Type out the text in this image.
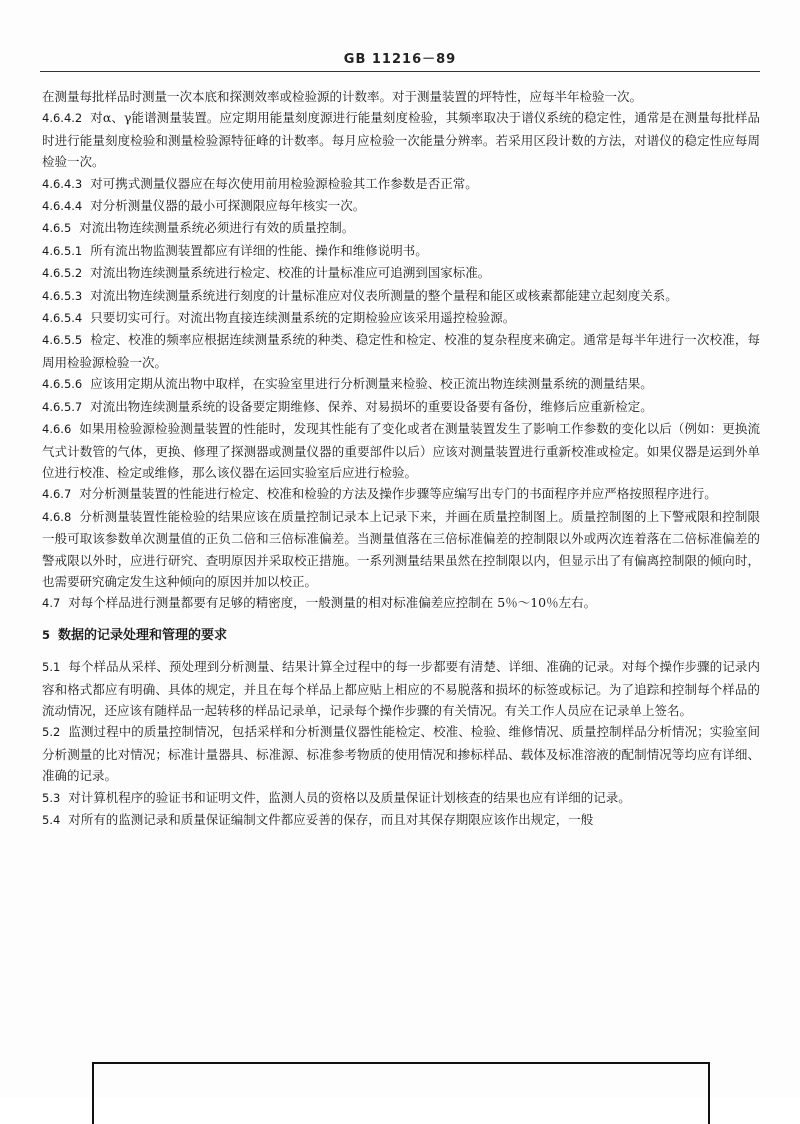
GB 11216－89
在测量每批样品时测量一次本底和探测效率或检验源的计数率。对于测量装置的坪特性，应每半年检验一次。
4.6.4.2 对α、γ能谱测量装置。应定期用能量刻度源进行能量刻度检验，其频率取决于谱仪系统的稳定性，通常是在测量每批样品时进行能量刻度检验和测量检验源特征峰的计数率。每月应检验一次能量分辨率。若采用区段计数的方法，对谱仪的稳定性应每周检验一次。
4.6.4.3 对可携式测量仪器应在每次使用前用检验源检验其工作参数是否正常。
4.6.4.4 对分析测量仪器的最小可探测限应每年核实一次。
4.6.5 对流出物连续测量系统必须进行有效的质量控制。
4.6.5.1 所有流出物监测装置都应有详细的性能、操作和维修说明书。
4.6.5.2 对流出物连续测量系统进行检定、校准的计量标准应可追溯到国家标准。
4.6.5.3 对流出物连续测量系统进行刻度的计量标准应对仪表所测量的整个量程和能区或核素都能建立起刻度关系。
4.6.5.4 只要切实可行。对流出物直接连续测量系统的定期检验应该采用遥控检验源。
4.6.5.5 检定、校准的频率应根据连续测量系统的种类、稳定性和检定、校准的复杂程度来确定。通常是每半年进行一次校准，每周用检验源检验一次。
4.6.5.6 应该用定期从流出物中取样，在实验室里进行分析测量来检验、校正流出物连续测量系统的测量结果。
4.6.5.7 对流出物连续测量系统的设备要定期维修、保养、对易损坏的重要设备要有备份，维修后应重新检定。
4.6.6 如果用检验源检验测量装置的性能时，发现其性能有了变化或者在测量装置发生了影响工作参数的变化以后（例如：更换流气式计数管的气体，更换、修理了探测器或测量仪器的重要部件以后）应该对测量装置进行重新校准或检定。如果仪器是运到外单位进行校准、检定或维修，那么该仪器在运回实验室后应进行检验。
4.6.7 对分析测量装置的性能进行检定、校准和检验的方法及操作步骤等应编写出专门的书面程序并应严格按照程序进行。
4.6.8 分析测量装置性能检验的结果应该在质量控制记录本上记录下来，并画在质量控制图上。质量控制图的上下警戒限和控制限一般可取该参数单次测量值的正负二倍和三倍标准偏差。当测量值落在三倍标准偏差的控制限以外或两次连着落在二倍标准偏差的警戒限以外时，应进行研究、查明原因并采取校正措施。一系列测量结果虽然在控制限以内，但显示出了有偏离控制限的倾向时，也需要研究确定发生这种倾向的原因并加以校正。
4.7 对每个样品进行测量都要有足够的精密度，一般测量的相对标准偏差应控制在 5％～10％左右。
5 数据的记录处理和管理的要求
5.1 每个样品从采样、预处理到分析测量、结果计算全过程中的每一步都要有清楚、详细、准确的记录。对每个操作步骤的记录内容和格式都应有明确、具体的规定，并且在每个样品上都应贴上相应的不易脱落和损坏的标签或标记。为了追踪和控制每个样品的流动情况，还应该有随样品一起转移的样品记录单，记录每个操作步骤的有关情况。有关工作人员应在记录单上签名。
5.2 监测过程中的质量控制情况，包括采样和分析测量仪器性能检定、校准、检验、维修情况、质量控制样品分析情况；实验室间分析测量的比对情况；标准计量器具、标准源、标准参考物质的使用情况和掺标样品、载体及标准溶液的配制情况等均应有详细、准确的记录。
5.3 对计算机程序的验证书和证明文件，监测人员的资格以及质量保证计划核查的结果也应有详细的记录。
5.4 对所有的监测记录和质量保证编制文件都应妥善的保存，而且对其保存期限应该作出规定，一般
